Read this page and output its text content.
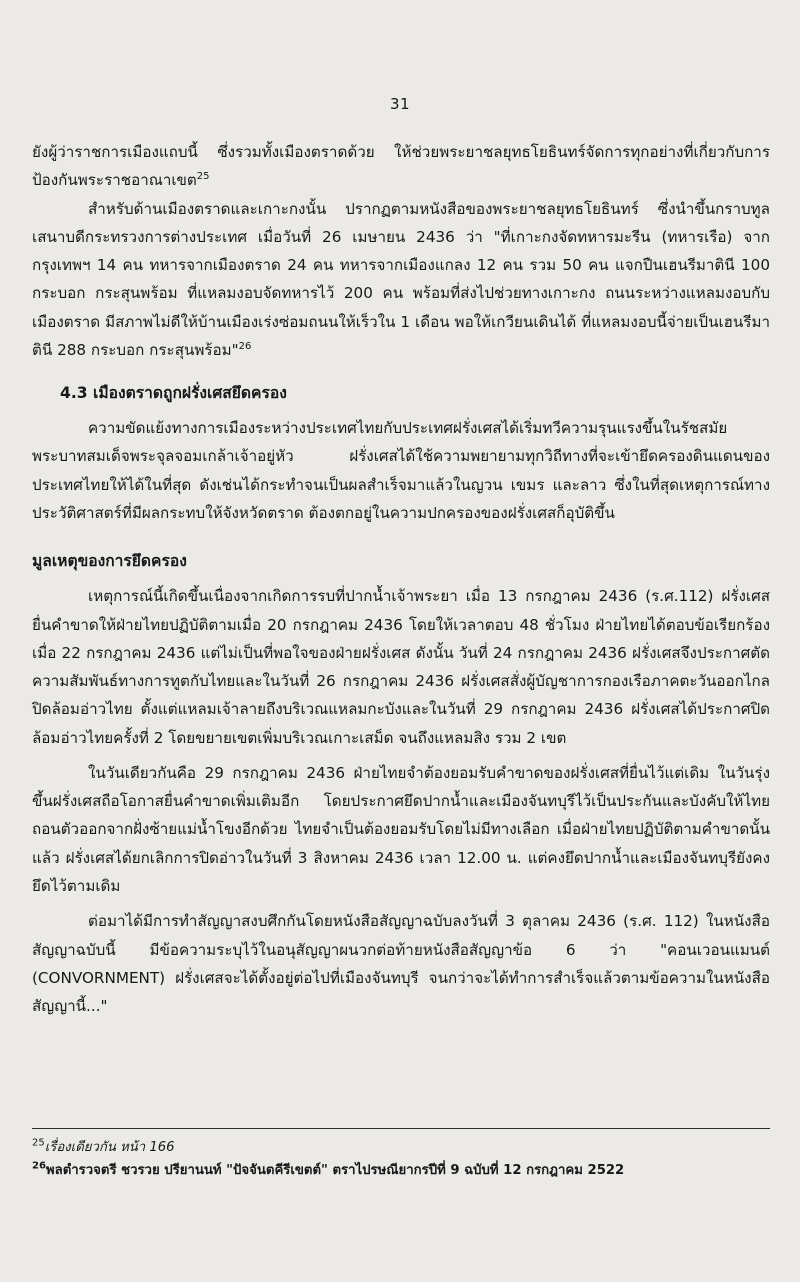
31

ยังผู้ว่าราชการเมืองแถบนี้ ซึ่งรวมทั้งเมืองตราดด้วย ให้ช่วยพระยาชลยุทธโยธินทร์จัดการทุกอย่างที่เกี่ยวกับการป้องกันพระราชอาณาเขต$^{25}$

สำหรับด้านเมืองตราดและเกาะกงนั้น ปรากฏตามหนังสือของพระยาชลยุทธโยธินทร์ ซึ่งนำขึ้นกราบทูลเสนาบดีกระทรวงการต่างประเทศ เมื่อวันที่ 26 เมษายน 2436 ว่า "ที่เกาะกงจัดทหารมะรีน (ทหารเรือ) จากกรุงเทพฯ 14 คน ทหารจากเมืองตราด 24 คน ทหารจากเมืองแกลง 12 คน รวม 50 คน แจกปืนเฮนรีมาตินี 100 กระบอก กระสุนพร้อม ที่แหลมงอบจัดทหารไว้ 200 คน พร้อมที่ส่งไปช่วยทางเกาะกง ถนนระหว่างแหลมงอบกับเมืองตราด มีสภาพไม่ดีให้บ้านเมืองเร่งซ่อมถนนให้เร็วใน 1 เดือน พอให้เกวียนเดินได้ ที่แหลมงอบนี้จ่ายเป็นเฮนรีมาตินี 288 กระบอก กระสุนพร้อม"$^{26}$

4.3 เมืองตราดถูกฝรั่งเศสยึดครอง

ความขัดแย้งทางการเมืองระหว่างประเทศไทยกับประเทศฝรั่งเศสได้เริ่มทวีความรุนแรงขึ้นในรัชสมัยพระบาทสมเด็จพระจุลจอมเกล้าเจ้าอยู่หัว ฝรั่งเศสได้ใช้ความพยายามทุกวิถีทางที่จะเข้ายึดครองดินแดนของประเทศไทยให้ได้ในที่สุด ดังเช่นได้กระทำจนเป็นผลสำเร็จมาแล้วในญวน เขมร และลาว ซึ่งในที่สุดเหตุการณ์ทางประวัติศาสตร์ที่มีผลกระทบให้จังหวัดตราด ต้องตกอยู่ในความปกครองของฝรั่งเศสก็อุบัติขึ้น

มูลเหตุของการยึดครอง

เหตุการณ์นี้เกิดขึ้นเนื่องจากเกิดการรบที่ปากน้ำเจ้าพระยา เมื่อ 13 กรกฎาคม 2436 (ร.ศ.112) ฝรั่งเศสยื่นคำขาดให้ฝ่ายไทยปฏิบัติตามเมื่อ 20 กรกฎาคม 2436 โดยให้เวลาตอบ 48 ชั่วโมง ฝ่ายไทยได้ตอบข้อเรียกร้องเมื่อ 22 กรกฎาคม 2436 แต่ไม่เป็นที่พอใจของฝ่ายฝรั่งเศส ดังนั้น วันที่ 24 กรกฎาคม 2436 ฝรั่งเศสจึงประกาศตัดความสัมพันธ์ทางการทูตกับไทยและในวันที่ 26 กรกฎาคม 2436 ฝรั่งเศสสั่งผู้บัญชาการกองเรือภาคตะวันออกไกลปิดล้อมอ่าวไทย ตั้งแต่แหลมเจ้าลายถึงบริเวณแหลมกะบังและในวันที่ 29 กรกฎาคม 2436 ฝรั่งเศสได้ประกาศปิดล้อมอ่าวไทยครั้งที่ 2 โดยขยายเขตเพิ่มบริเวณเกาะเสม็ด จนถึงแหลมสิง รวม 2 เขต

ในวันเดียวกันคือ 29 กรกฎาคม 2436 ฝ่ายไทยจำต้องยอมรับคำขาดของฝรั่งเศสที่ยื่นไว้แต่เดิม ในวันรุ่งขึ้นฝรั่งเศสถือโอกาสยื่นคำขาดเพิ่มเติมอีก โดยประกาศยึดปากน้ำและเมืองจันทบุรีไว้เป็นประกันและบังคับให้ไทยถอนตัวออกจากฝั่งซ้ายแม่น้ำโขงอีกด้วย ไทยจำเป็นต้องยอมรับโดยไม่มีทางเลือก เมื่อฝ่ายไทยปฏิบัติตามคำขาดนั้นแล้ว ฝรั่งเศสได้ยกเลิกการปิดอ่าวในวันที่ 3 สิงหาคม 2436 เวลา 12.00 น. แต่คงยึดปากน้ำและเมืองจันทบุรียังคงยึดไว้ตามเดิม

ต่อมาได้มีการทำสัญญาสงบศึกกันโดยหนังสือสัญญาฉบับลงวันที่ 3 ตุลาคม 2436 (ร.ศ. 112) ในหนังสือสัญญาฉบับนี้ มีข้อความระบุไว้ในอนุสัญญาผนวกต่อท้ายหนังสือสัญญาข้อ 6 ว่า "คอนเวอนแมนต์ (CONVORNMENT) ฝรั่งเศสจะได้ตั้งอยู่ต่อไปที่เมืองจันทบุรี จนกว่าจะได้ทำการสำเร็จแล้วตามข้อความในหนังสือสัญญานี้..."

$^{25}$เรื่องเดียวกัน หน้า 166

$^{26}$พลตำรวจตรี ชวรวย ปรียานนท์ "ปัจจันตคีรีเขตต์" ตราไปรษณียากรปีที่ 9 ฉบับที่ 12 กรกฎาคม 2522
